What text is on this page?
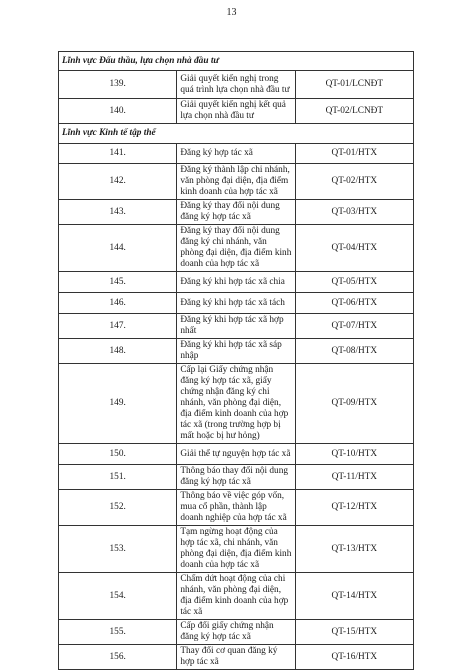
13
Lĩnh vực Đấu thầu, lựa chọn nhà đầu tư		
139.	Giải quyết kiến nghị trong quá trình lựa chọn nhà đầu tư	QT-01/LCNĐT
140.	Giải quyết kiến nghị kết quả lựa chọn nhà đầu tư	QT-02/LCNĐT
Lĩnh vực Kinh tế tập thể		
141.	Đăng ký hợp tác xã	QT-01/HTX
142.	Đăng ký thành lập chi nhánh, văn phòng đại diện, địa điểm kinh doanh của hợp tác xã	QT-02/HTX
143.	Đăng ký thay đổi nội dung đăng ký hợp tác xã	QT-03/HTX
144.	Đăng ký thay đổi nội dung đăng ký chi nhánh, văn phòng đại diện, địa điểm kinh doanh của hợp tác xã	QT-04/HTX
145.	Đăng ký khi hợp tác xã chia	QT-05/HTX
146.	Đăng ký khi hợp tác xã tách	QT-06/HTX
147.	Đăng ký khi hợp tác xã hợp nhất	QT-07/HTX
148.	Đăng ký khi hợp tác xã sáp nhập	QT-08/HTX
149.	Cấp lại Giấy chứng nhận đăng ký hợp tác xã, giấy chứng nhận đăng ký chi nhánh, văn phòng đại diện, địa điểm kinh doanh của hợp tác xã (trong trường hợp bị mất hoặc bị hư hỏng)	QT-09/HTX
150.	Giải thể tự nguyện hợp tác xã	QT-10/HTX
151.	Thông báo thay đổi nội dung đăng ký hợp tác xã	QT-11/HTX
152.	Thông báo về việc góp vốn, mua cổ phần, thành lập doanh nghiệp của hợp tác xã	QT-12/HTX
153.	Tạm ngừng hoạt động của hợp tác xã, chi nhánh, văn phòng đại diện, địa điểm kinh doanh của hợp tác xã	QT-13/HTX
154.	Chấm dứt hoạt động của chi nhánh, văn phòng đại diện, địa điểm kinh doanh của hợp tác xã	QT-14/HTX
155.	Cấp đổi giấy chứng nhận đăng ký hợp tác xã	QT-15/HTX
156.	Thay đổi cơ quan đăng ký hợp tác xã	QT-16/HTX
